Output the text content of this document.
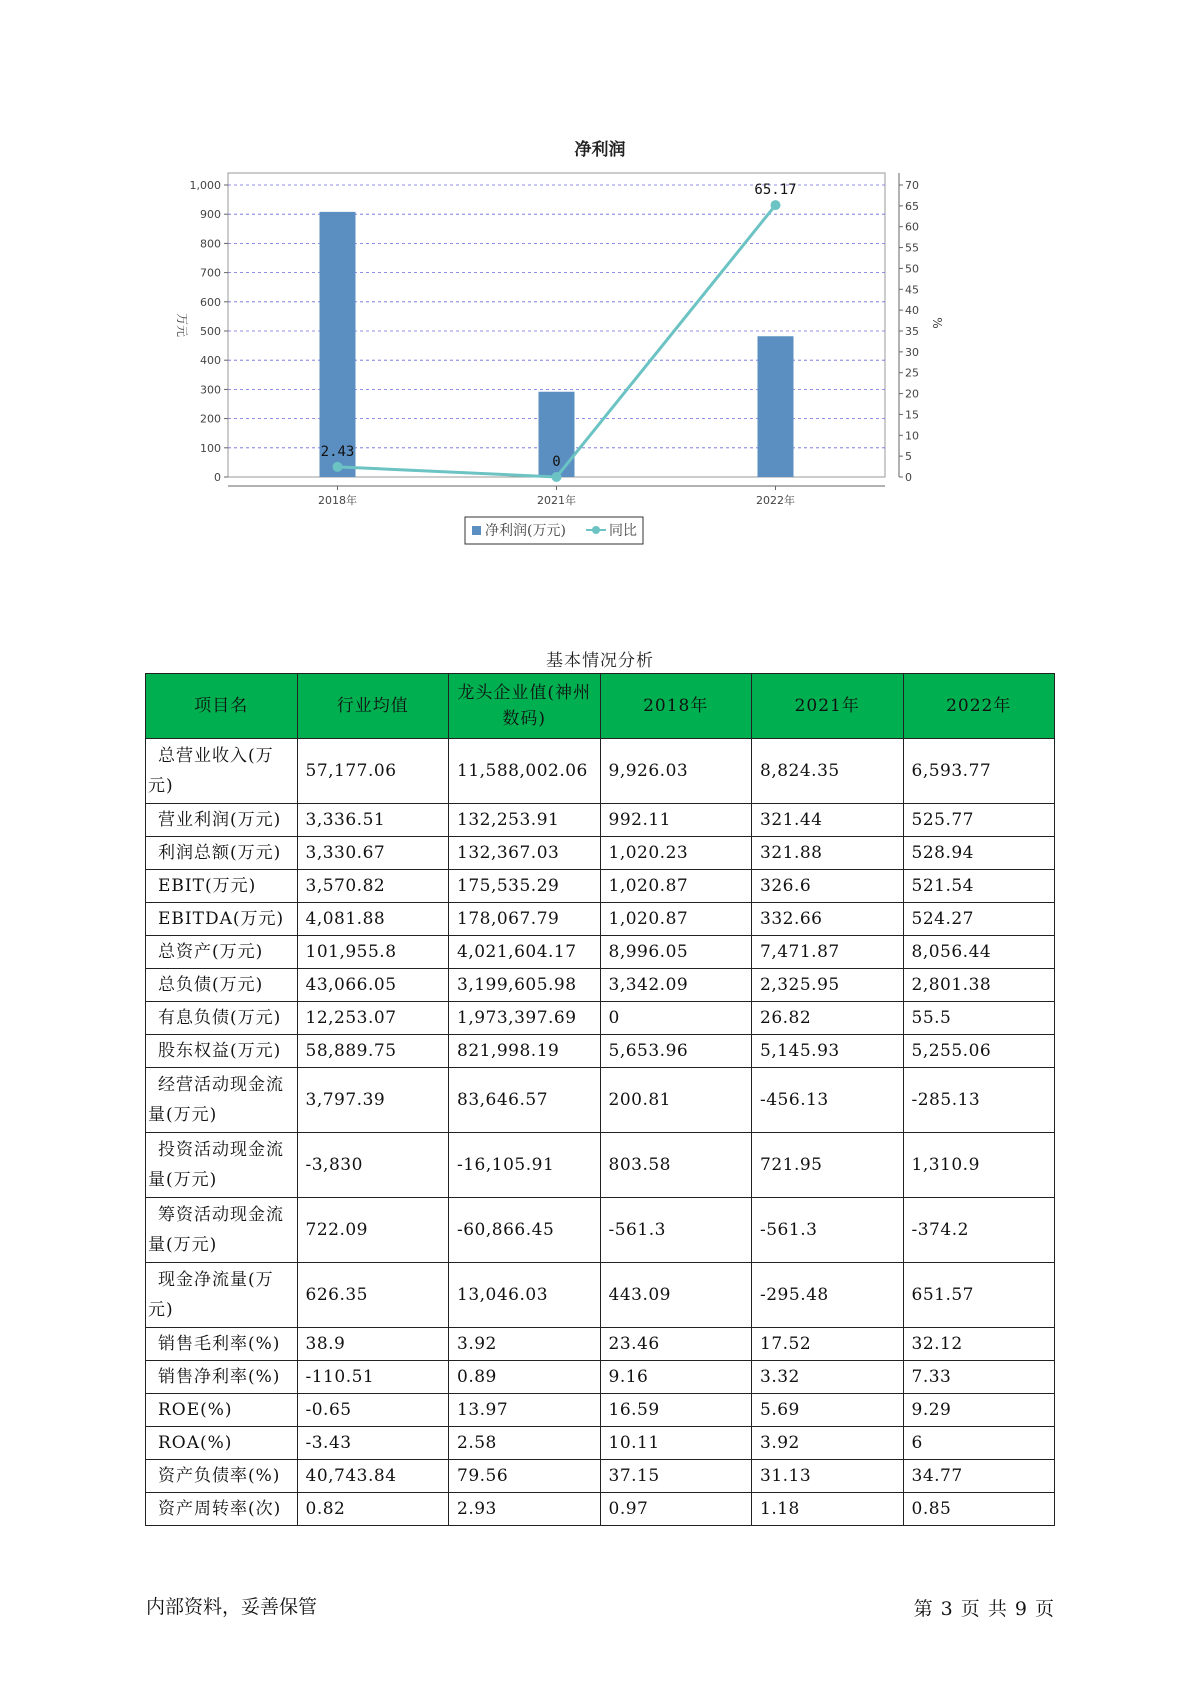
净利润
2.43
0
65.17
0
100
200
300
400
500
600
700
800
900
1,000
0
5
10
15
20
25
30
35
40
45
50
55
60
65
70
2018年	2021年	2022年
万元	%
净利润(万元)	同比
基本情况分析
项目名	行业均值	龙头企业值(神州数码)	2018年	2021年	2022年
总营业收入(万元)	57,177.06	11,588,002.06	9,926.03	8,824.35	6,593.77
营业利润(万元)	3,336.51	132,253.91	992.11	321.44	525.77
利润总额(万元)	3,330.67	132,367.03	1,020.23	321.88	528.94
EBIT(万元)	3,570.82	175,535.29	1,020.87	326.6	521.54
EBITDA(万元)	4,081.88	178,067.79	1,020.87	332.66	524.27
总资产(万元)	101,955.8	4,021,604.17	8,996.05	7,471.87	8,056.44
总负债(万元)	43,066.05	3,199,605.98	3,342.09	2,325.95	2,801.38
有息负债(万元)	12,253.07	1,973,397.69	0	26.82	55.5
股东权益(万元)	58,889.75	821,998.19	5,653.96	5,145.93	5,255.06
经营活动现金流量(万元)	3,797.39	83,646.57	200.81	-456.13	-285.13
投资活动现金流量(万元)	-3,830	-16,105.91	803.58	721.95	1,310.9
筹资活动现金流量(万元)	722.09	-60,866.45	-561.3	-561.3	-374.2
现金净流量(万元)	626.35	13,046.03	443.09	-295.48	651.57
销售毛利率(%)	38.9	3.92	23.46	17.52	32.12
销售净利率(%)	-110.51	0.89	9.16	3.32	7.33
ROE(%)	-0.65	13.97	16.59	5.69	9.29
ROA(%)	-3.43	2.58	10.11	3.92	6
资产负债率(%)	40,743.84	79.56	37.15	31.13	34.77
资产周转率(次)	0.82	2.93	0.97	1.18	0.85
内部资料，妥善保管	第 3 页 共 9 页
